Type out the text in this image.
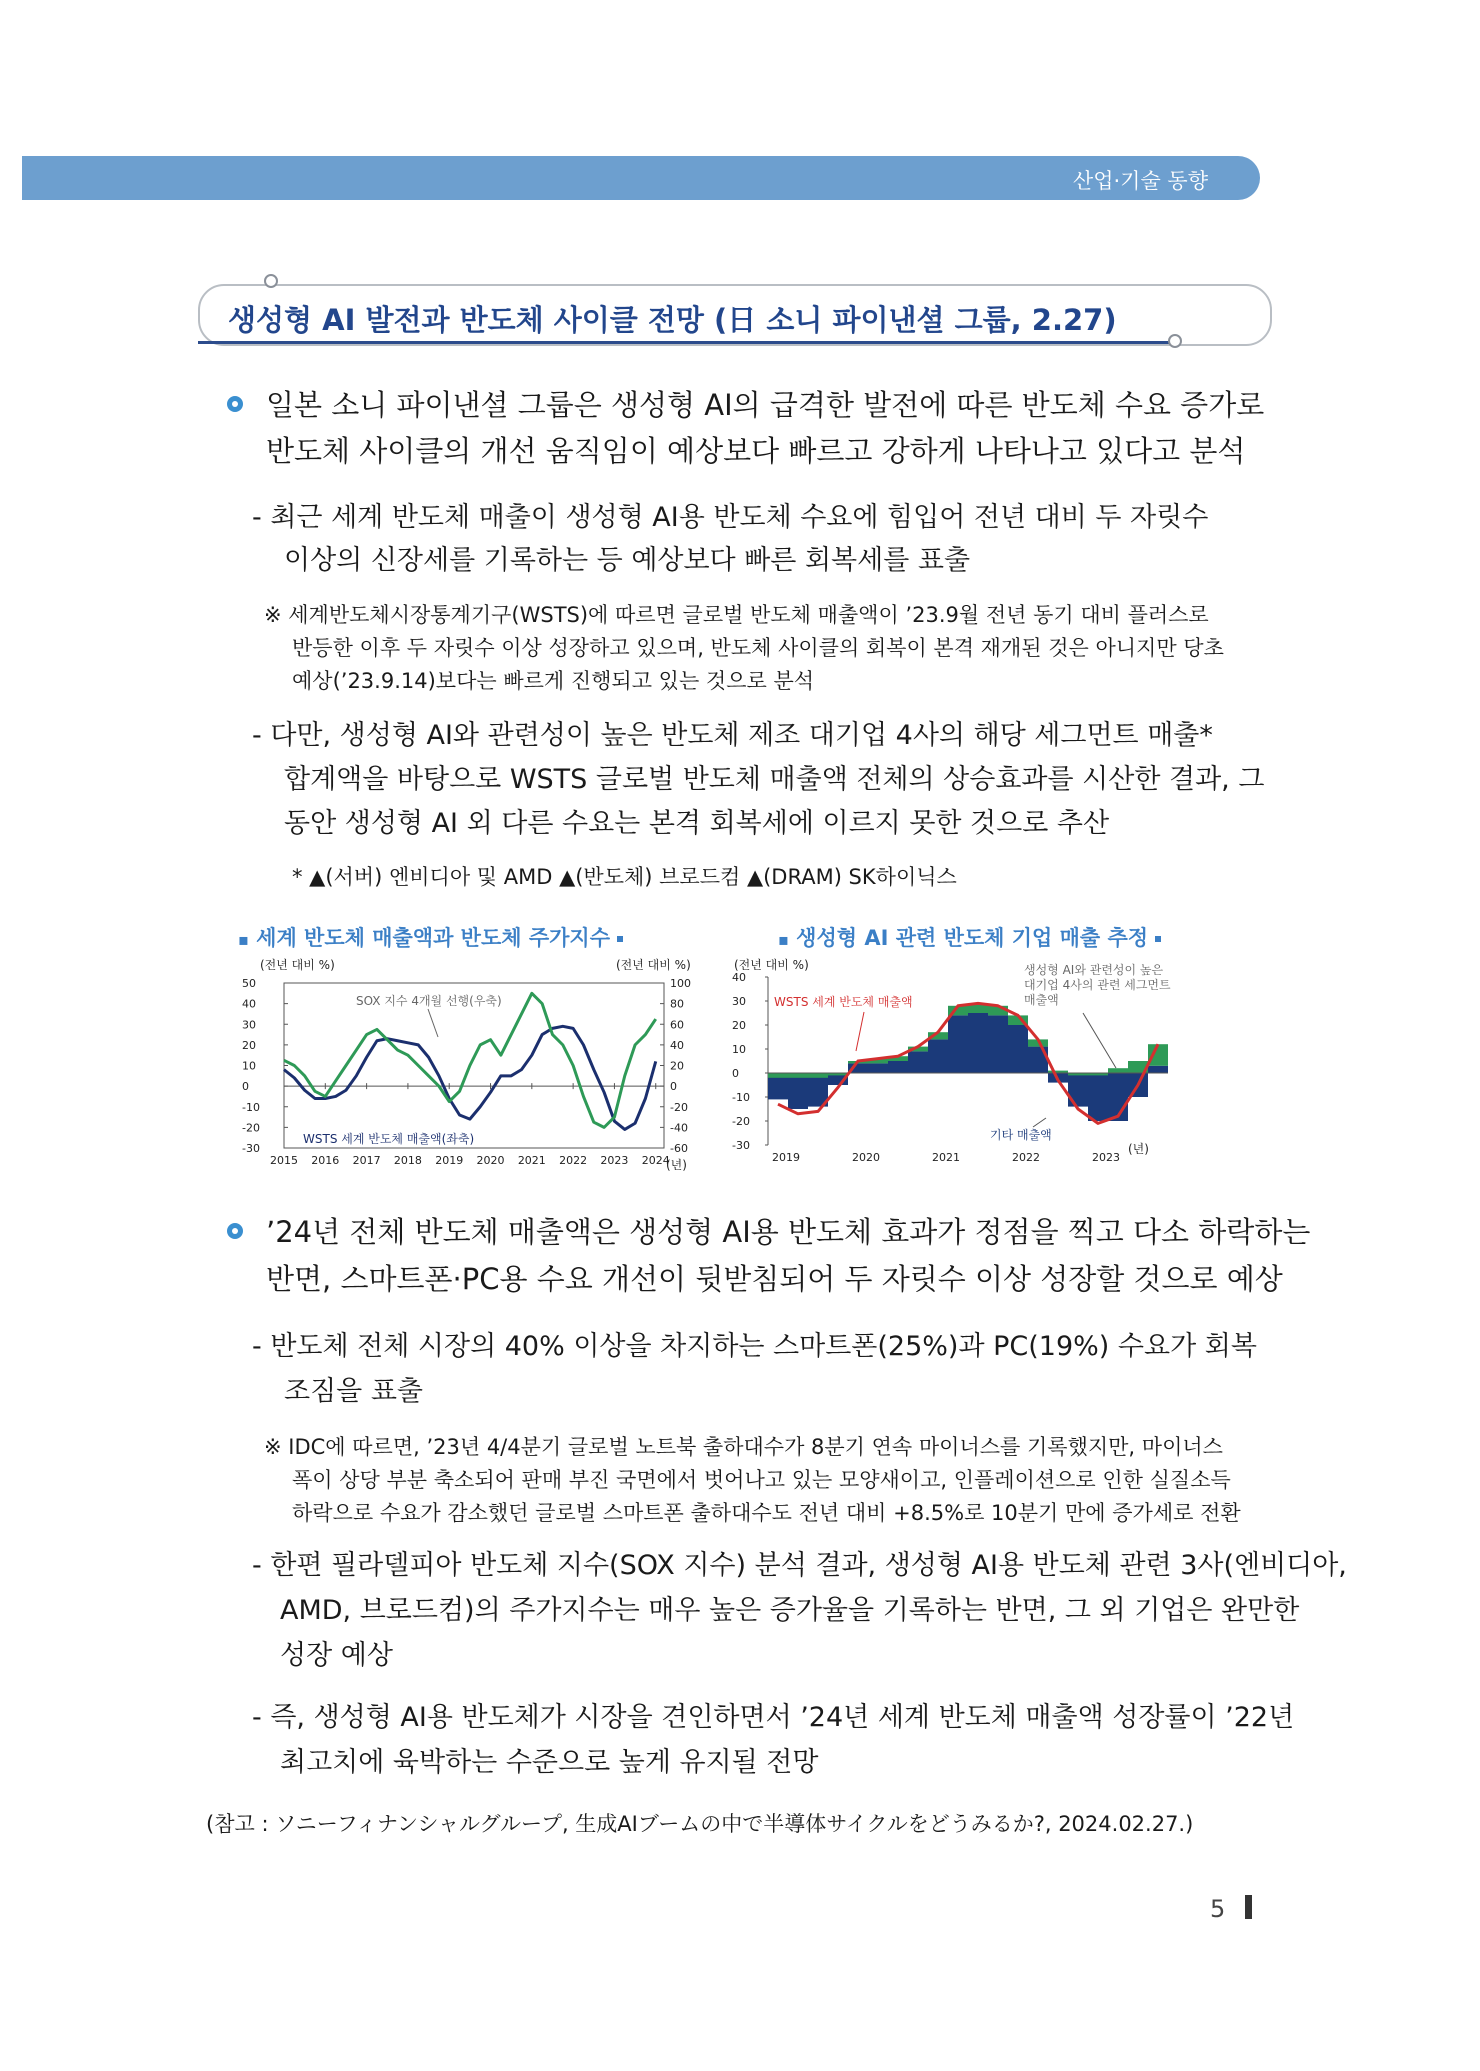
산업·기술 동향
생성형 AI 발전과 반도체 사이클 전망 (日 소니 파이낸셜 그룹, 2.27)
일본 소니 파이낸셜 그룹은 생성형 AI의 급격한 발전에 따른 반도체 수요 증가로
반도체 사이클의 개선 움직임이 예상보다 빠르고 강하게 나타나고 있다고 분석
- 최근 세계 반도체 매출이 생성형 AI용 반도체 수요에 힘입어 전년 대비 두 자릿수
이상의 신장세를 기록하는 등 예상보다 빠른 회복세를 표출
※ 세계반도체시장통계기구(WSTS)에 따르면 글로벌 반도체 매출액이 ’23.9월 전년 동기 대비 플러스로
반등한 이후 두 자릿수 이상 성장하고 있으며, 반도체 사이클의 회복이 본격 재개된 것은 아니지만 당초
예상(’23.9.14)보다는 빠르게 진행되고 있는 것으로 분석
- 다만, 생성형 AI와 관련성이 높은 반도체 제조 대기업 4사의 해당 세그먼트 매출*
합계액을 바탕으로 WSTS 글로벌 반도체 매출액 전체의 상승효과를 시산한 결과, 그
동안 생성형 AI 외 다른 수요는 본격 회복세에 이르지 못한 것으로 추산
* ▲(서버) 엔비디아 및 AMD ▲(반도체) 브로드컴 ▲(DRAM) SK하이닉스
▪ 세계 반도체 매출액과 반도체 주가지수	▪ 생성형 AI 관련 반도체 기업 매출 추정
(전년 대비 %)	(전년 대비 %)
50
40
30
20
10
0
-10
-20
-30
100
80
60
40
20
0
-20
-40
-60
2015 2016 2017 2018 2019 2020 2021 2022 2023 2024
SOX 지수 4개월 선행(우축)
WSTS 세계 반도체 매출액(좌축)
(년)
(전년 대비 %)
40
30
20
10
0
-10
-20
-30
2019	2020	2021	2022	2023
WSTS 세계 반도체 매출액
생성형 AI와 관련성이 높은
대기업 4사의 관련 세그먼트
매출액
기타 매출액
(년)
’24년 전체 반도체 매출액은 생성형 AI용 반도체 효과가 정점을 찍고 다소 하락하는
반면, 스마트폰·PC용 수요 개선이 뒷받침되어 두 자릿수 이상 성장할 것으로 예상
- 반도체 전체 시장의 40% 이상을 차지하는 스마트폰(25%)과 PC(19%) 수요가 회복
조짐을 표출
※ IDC에 따르면, ’23년 4/4분기 글로벌 노트북 출하대수가 8분기 연속 마이너스를 기록했지만, 마이너스
폭이 상당 부분 축소되어 판매 부진 국면에서 벗어나고 있는 모양새이고, 인플레이션으로 인한 실질소득
하락으로 수요가 감소했던 글로벌 스마트폰 출하대수도 전년 대비 +8.5%로 10분기 만에 증가세로 전환
- 한편 필라델피아 반도체 지수(SOX 지수) 분석 결과, 생성형 AI용 반도체 관련 3사(엔비디아,
AMD, 브로드컴)의 주가지수는 매우 높은 증가율을 기록하는 반면, 그 외 기업은 완만한
성장 예상
- 즉, 생성형 AI용 반도체가 시장을 견인하면서 ’24년 세계 반도체 매출액 성장률이 ’22년
최고치에 육박하는 수준으로 높게 유지될 전망
(참고 : ソニーフィナンシャルグループ, 生成AIブームの中で半導体サイクルをどうみるか?, 2024.02.27.)
5
